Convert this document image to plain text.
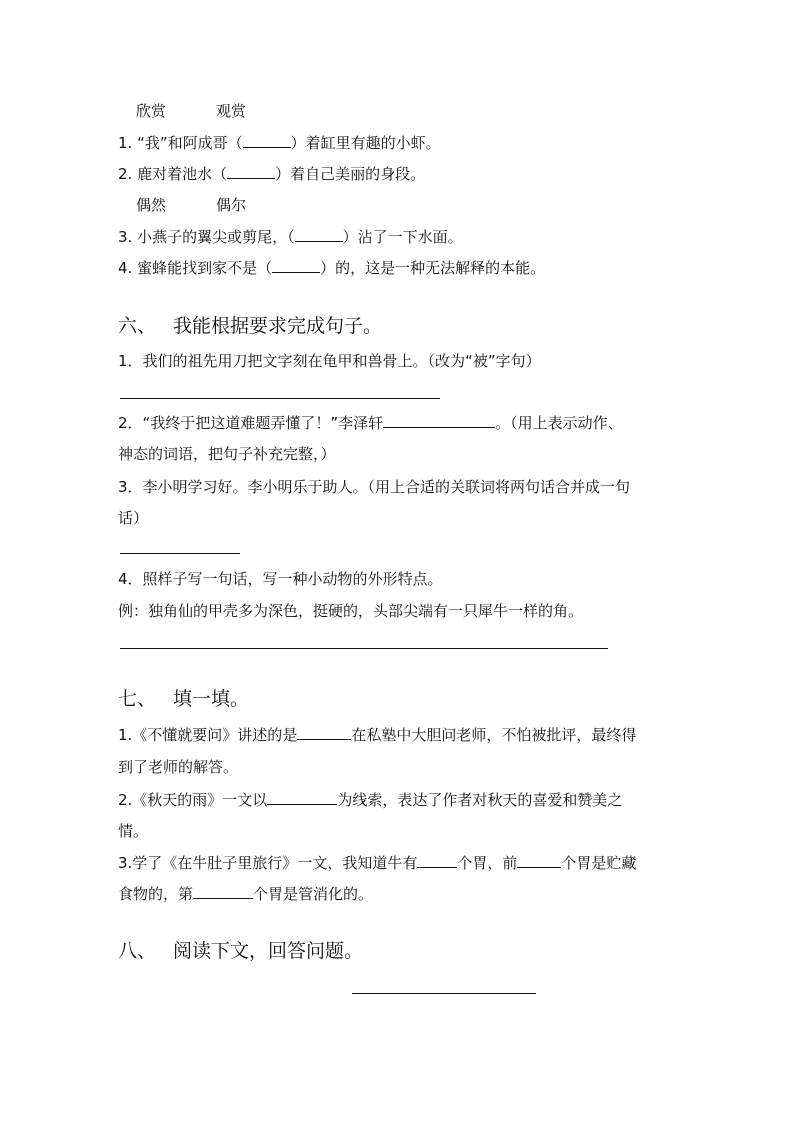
欣赏	观赏
1. “我”和阿成哥（	）着缸里有趣的小虾。
2. 鹿对着池水（	）着自己美丽的身段。
偶然	偶尔
3. 小燕子的翼尖或剪尾，（	）沾了一下水面。
4. 蜜蜂能找到家不是（	）的，这是一种无法解释的本能。
六、 我能根据要求完成句子。
1．我们的祖先用刀把文字刻在龟甲和兽骨上。（改为“被”字句）
2．“我终于把这道难题弄懂了！”李泽轩	。（用上表示动作、
神态的词语，把句子补充完整，）
3．李小明学习好。李小明乐于助人。（用上合适的关联词将两句话合并成一句
话）
4．照样子写一句话，写一种小动物的外形特点。
例：独角仙的甲壳多为深色，挺硬的，头部尖端有一只犀牛一样的角。
七、 填一填。
1.《不懂就要问》讲述的是	在私塾中大胆问老师，不怕被批评，最终得
到了老师的解答。
2.《秋天的雨》一文以	为线索，表达了作者对秋天的喜爱和赞美之
情。
3.学了《在牛肚子里旅行》一文，我知道牛有	个胃，前	个胃是贮藏
食物的，第	个胃是管消化的。
八、 阅读下文，回答问题。
